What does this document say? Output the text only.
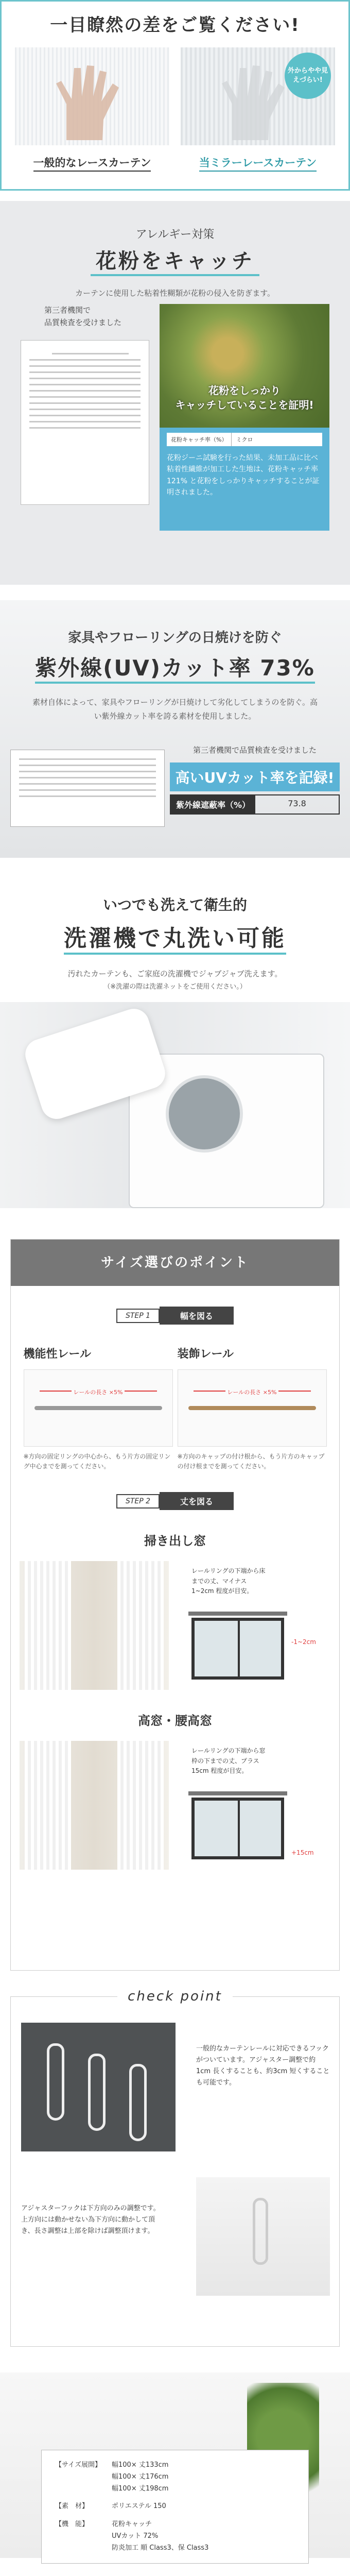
一目瞭然の差をご覧ください!
外からやや見えづらい!
一般的なレースカーテン	当ミラーレースカーテン
アレルギー対策
花粉をキャッチ
カーテンに使用した粘着性糊類が花粉の侵入を防ぎます。
第三者機関で
品質検査を受けました
花粉をしっかり
キャッチしていることを証明!
花粉キャッチ率（%）	ミクロ

花粉ジーニ試験を行った結果、未加工品に比べ粘着性繊維が加工した生地は、花粉キャッチ率 121% と花粉をしっかりキャッチすることが証明されました。

家具やフローリングの日焼けを防ぐ
紫外線(UV)カット率 73%
素材自体によって、家具やフローリングが日焼けして劣化してしまうのを防ぐ。高い紫外線カット率を誇る素材を使用しました。
第三者機関で品質検査を受けました
高いUVカット率を記録!
紫外線遮蔽率（%）	73.8
いつでも洗えて衛生的
洗濯機で丸洗い可能
汚れたカーテンも、ご家庭の洗濯機でジャブジャブ洗えます。
（※洗濯の際は洗濯ネットをご使用ください。）
サイズ選びのポイント
STEP 1	幅を図る
機能性レール
$^{レールの長さ \times 5\%}$

※方向の固定リングの中心から、もう片方の固定リング中心までを測ってください。

装飾レール
$^{レールの長さ \times 5\%}$

※方向のキャップの付け根から、もう片方のキャップの付け根までを測ってください。

STEP 2	丈を図る
掃き出し窓

レールリングの下端から床までの丈、マイナス1~2cm 程度が目安。

-1~2cm
高窓・腰高窓

レールリングの下端から窓枠の下までの丈、プラス15cm 程度が目安。

+15cm
check point
一般的なカーテンレールに対応できるフックがついています。アジャスター調整で約1cm 長くすることも、約3cm 短くすることも可能です。
アジャスターフックは下方向のみの調整です。上方向には動かせない為下方向に動かして頂き、長さ調整は上部を除けば調整頂けます。
【サイズ展開】	幅100× 丈133cm
幅100× 丈176cm
幅100× 丈198cm
【素　材】	ポリエステル 150
【機　能】	花粉キャッチ
UVカット 72%
防炎加工 順 Class3、保 Class3
